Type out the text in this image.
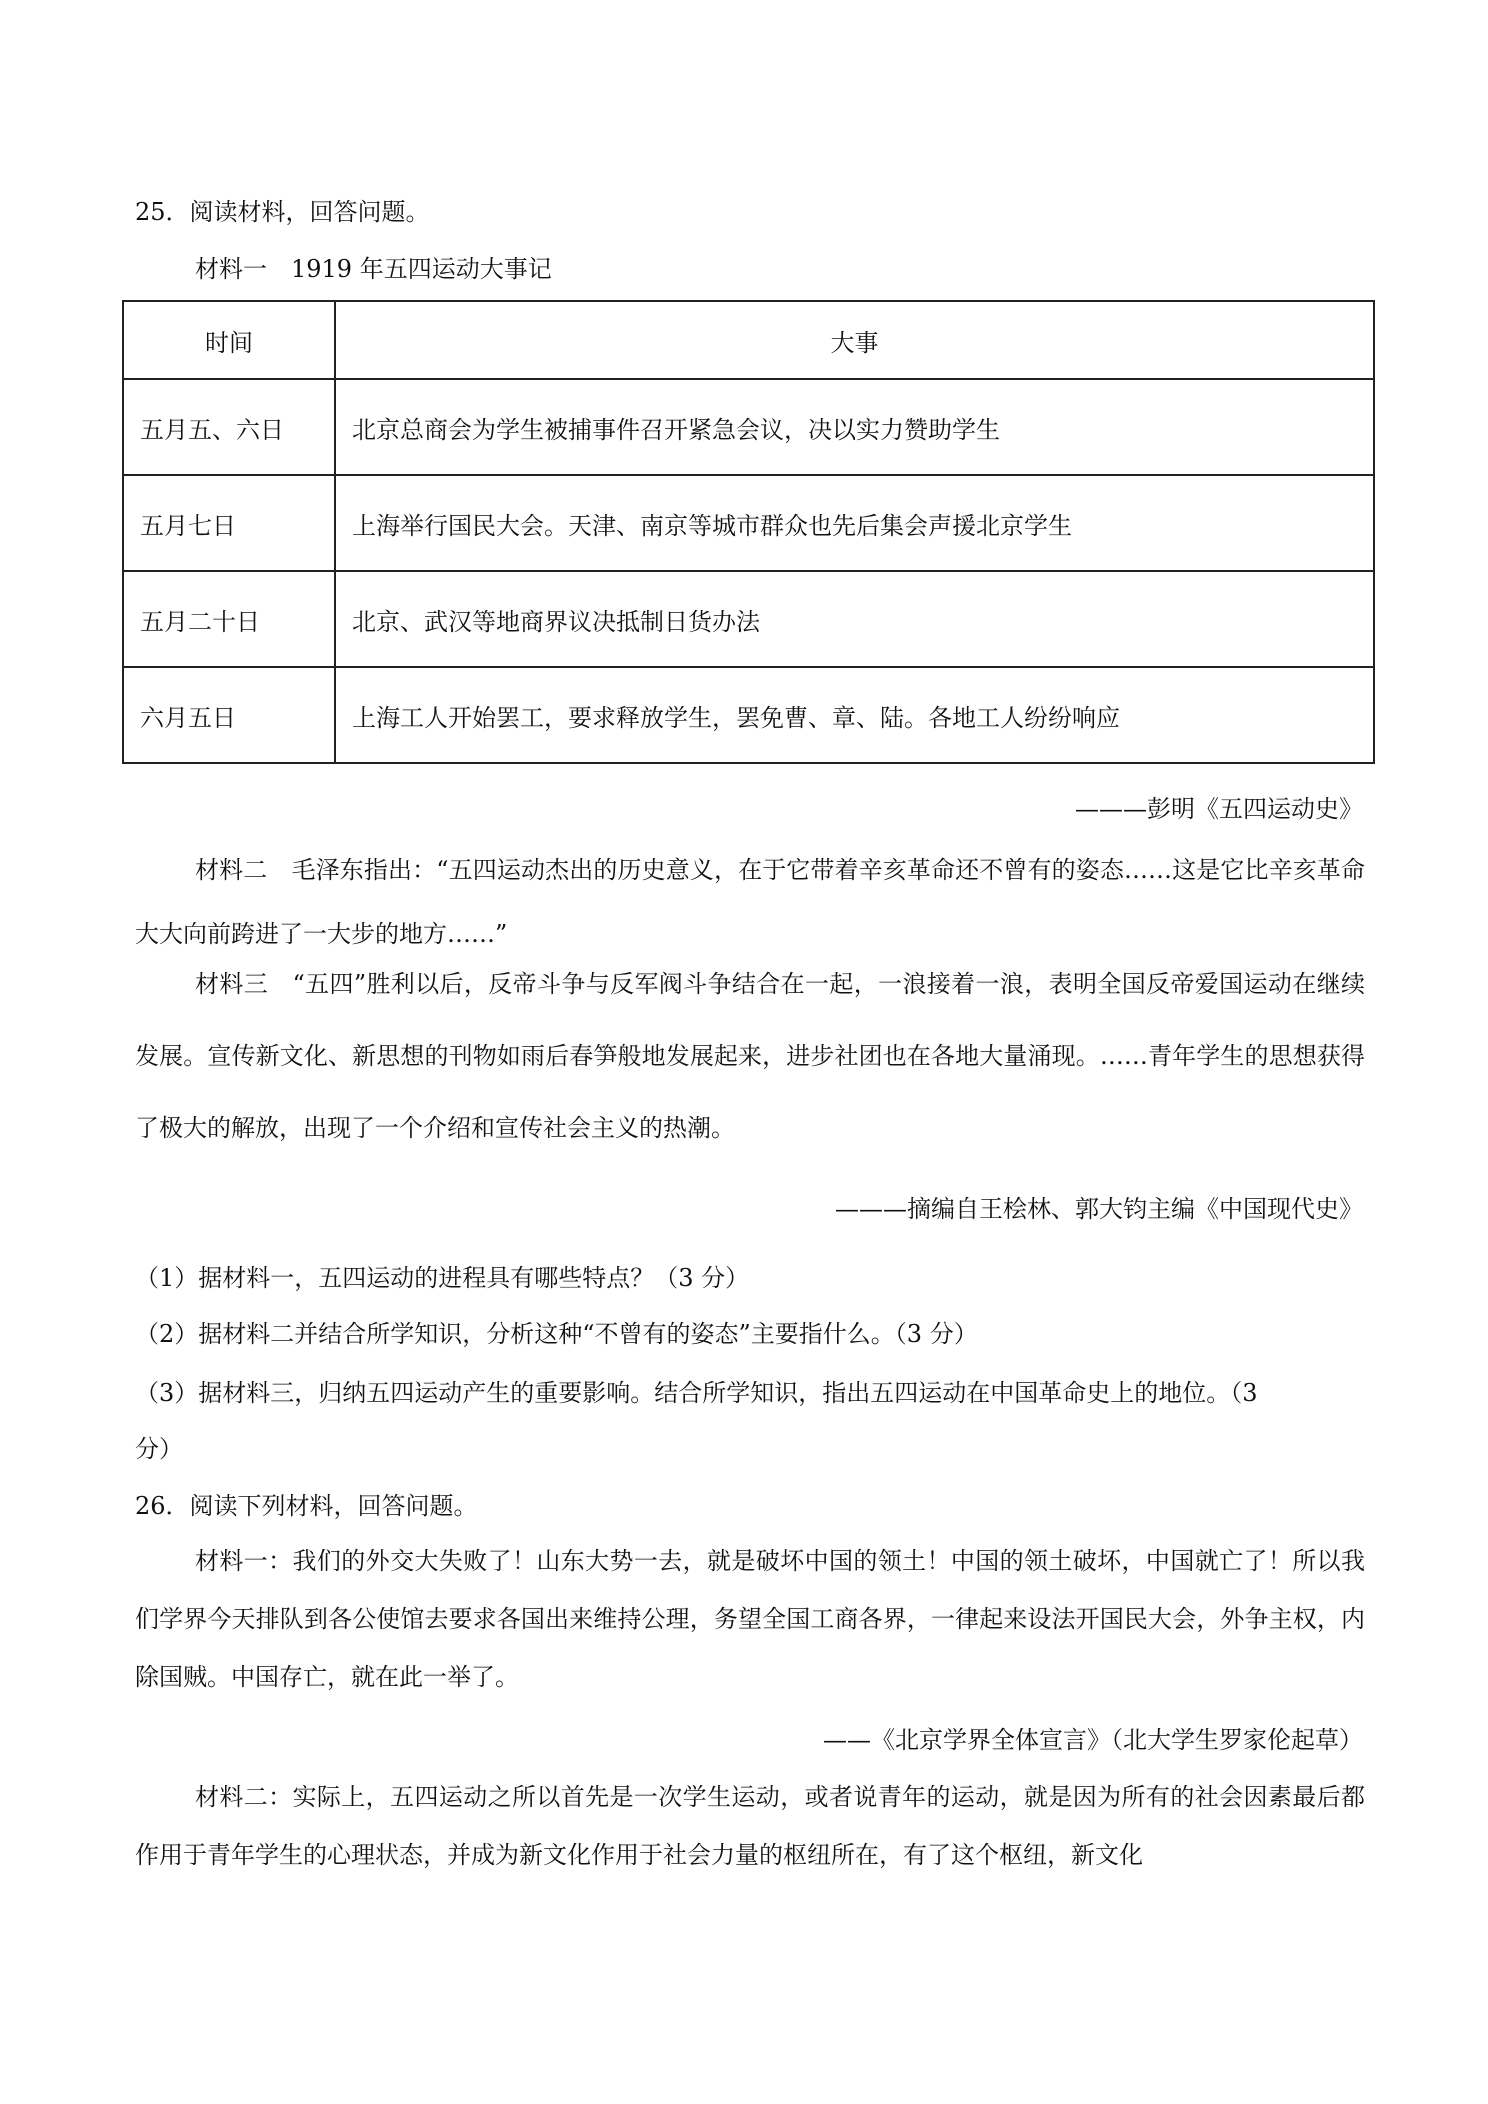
25．阅读材料，回答问题。
材料一　1919 年五四运动大事记
时间	大事
五月五、六日	北京总商会为学生被捕事件召开紧急会议，决以实力赞助学生
五月七日	上海举行国民大会。天津、南京等城市群众也先后集会声援北京学生
五月二十日	北京、武汉等地商界议决抵制日货办法
六月五日	上海工人开始罢工，要求释放学生，罢免曹、章、陆。各地工人纷纷响应
———彭明《五四运动史》
材料二　毛泽东指出：“五四运动杰出的历史意义，在于它带着辛亥革命还不曾有的姿态……这是它比辛亥革命大大向前跨进了一大步的地方……”
材料三　“五四”胜利以后，反帝斗争与反军阀斗争结合在一起，一浪接着一浪，表明全国反帝爱国运动在继续发展。宣传新文化、新思想的刊物如雨后春笋般地发展起来，进步社团也在各地大量涌现。……青年学生的思想获得了极大的解放，出现了一个介绍和宣传社会主义的热潮。
———摘编自王桧林、郭大钧主编《中国现代史》
（1）据材料一，五四运动的进程具有哪些特点？（3 分）
（2）据材料二并结合所学知识，分析这种“不曾有的姿态”主要指什么。（3 分）
（3）据材料三，归纳五四运动产生的重要影响。结合所学知识，指出五四运动在中国革命史上的地位。（3
分）
26．阅读下列材料，回答问题。
材料一：我们的外交大失败了！山东大势一去，就是破坏中国的领土！中国的领土破坏，中国就亡了！所以我们学界今天排队到各公使馆去要求各国出来维持公理，务望全国工商各界，一律起来设法开国民大会，外争主权，内除国贼。中国存亡，就在此一举了。
——《北京学界全体宣言》（北大学生罗家伦起草）
材料二：实际上，五四运动之所以首先是一次学生运动，或者说青年的运动，就是因为所有的社会因素最后都作用于青年学生的心理状态，并成为新文化作用于社会力量的枢纽所在，有了这个枢纽，新文化
